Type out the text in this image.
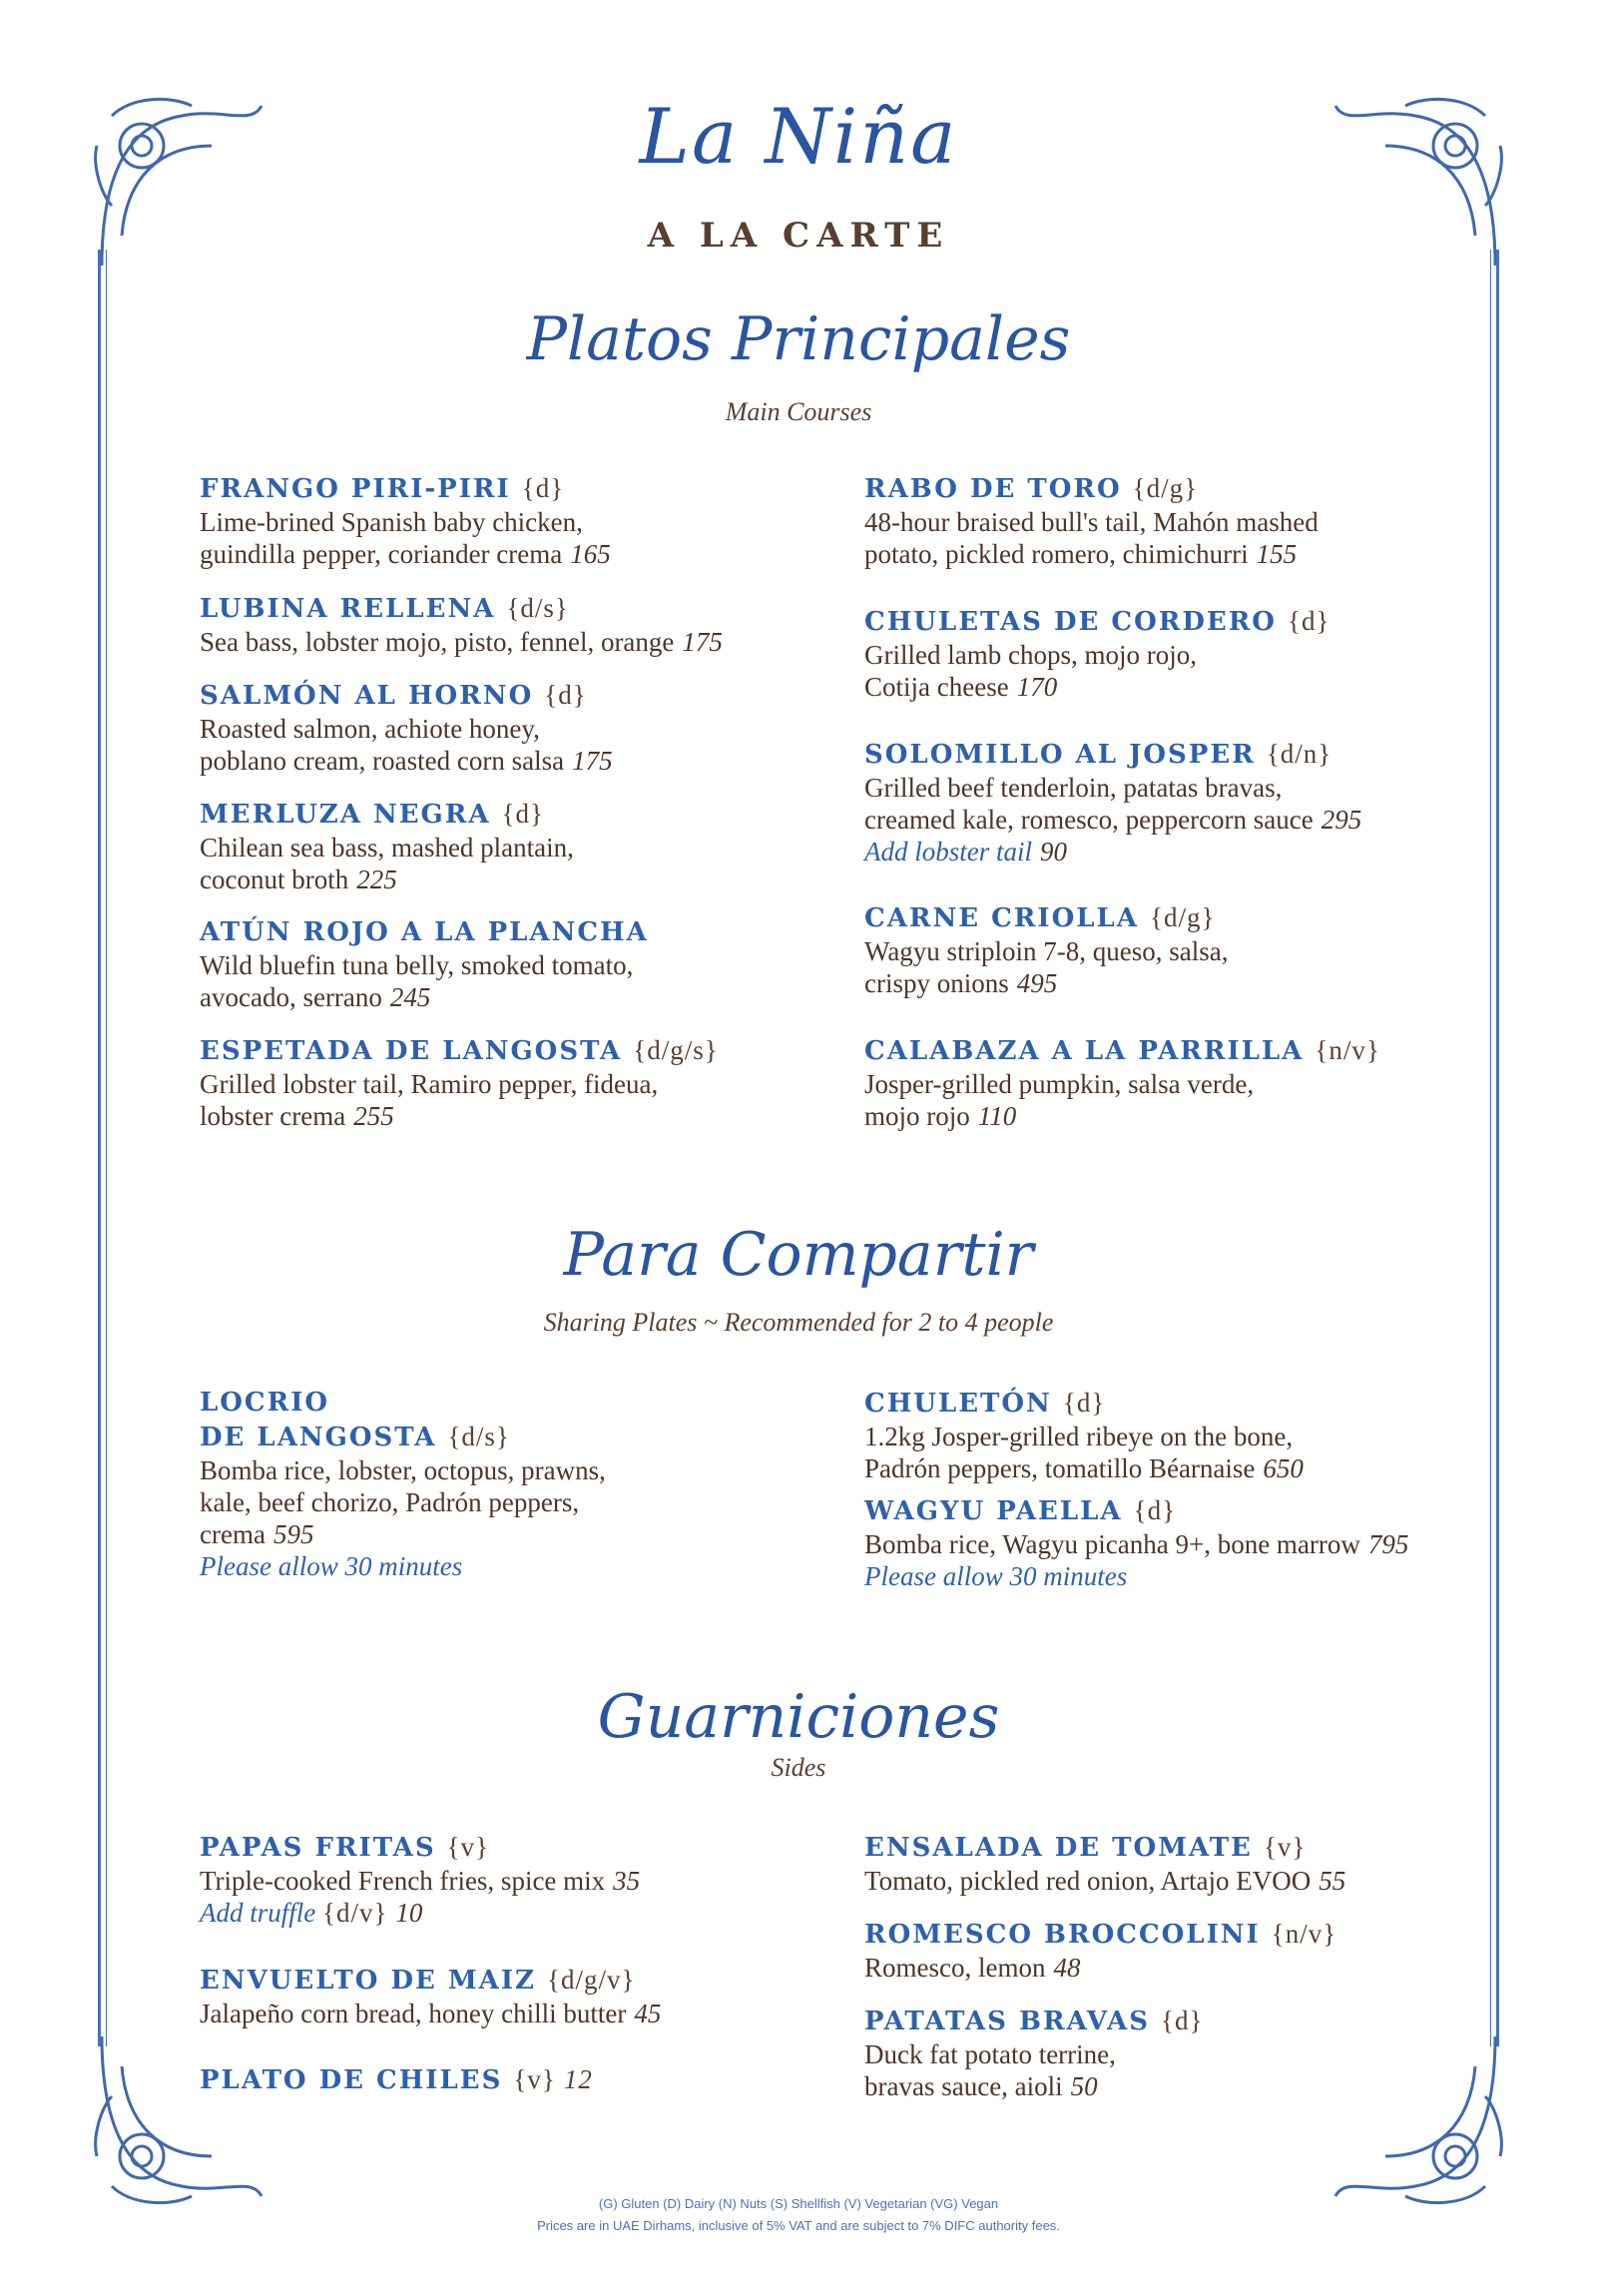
La Niña
A LA CARTE
Platos Principales
Main Courses
FRANGO PIRI-PIRI {d}
Lime-brined Spanish baby chicken,
guindilla pepper, coriander crema 165
LUBINA RELLENA {d/s}
Sea bass, lobster mojo, pisto, fennel, orange 175
SALMÓN AL HORNO {d}
Roasted salmon, achiote honey,
poblano cream, roasted corn salsa 175
MERLUZA NEGRA {d}
Chilean sea bass, mashed plantain,
coconut broth 225
ATÚN ROJO A LA PLANCHA
Wild bluefin tuna belly, smoked tomato,
avocado, serrano 245
ESPETADA DE LANGOSTA {d/g/s}
Grilled lobster tail, Ramiro pepper, fideua,
lobster crema 255
RABO DE TORO {d/g}
48-hour braised bull's tail, Mahón mashed
potato, pickled romero, chimichurri 155
CHULETAS DE CORDERO {d}
Grilled lamb chops, mojo rojo,
Cotija cheese 170
SOLOMILLO AL JOSPER {d/n}
Grilled beef tenderloin, patatas bravas,
creamed kale, romesco, peppercorn sauce 295
Add lobster tail 90
CARNE CRIOLLA {d/g}
Wagyu striploin 7-8, queso, salsa,
crispy onions 495
CALABAZA A LA PARRILLA {n/v}
Josper-grilled pumpkin, salsa verde,
mojo rojo 110
Para Compartir
Sharing Plates ~ Recommended for 2 to 4 people
LOCRIO
DE LANGOSTA {d/s}
Bomba rice, lobster, octopus, prawns,
kale, beef chorizo, Padrón peppers,
crema 595
Please allow 30 minutes
CHULETÓN {d}
1.2kg Josper-grilled ribeye on the bone,
Padrón peppers, tomatillo Béarnaise 650
WAGYU PAELLA {d}
Bomba rice, Wagyu picanha 9+, bone marrow 795
Please allow 30 minutes
Guarniciones
Sides
PAPAS FRITAS {v}
Triple-cooked French fries, spice mix 35
Add truffle {d/v} 10
ENVUELTO DE MAIZ {d/g/v}
Jalapeño corn bread, honey chilli butter 45
PLATO DE CHILES {v} 12
ENSALADA DE TOMATE {v}
Tomato, pickled red onion, Artajo EVOO 55
ROMESCO BROCCOLINI {n/v}
Romesco, lemon 48
PATATAS BRAVAS {d}
Duck fat potato terrine,
bravas sauce, aioli 50
(G) Gluten (D) Dairy (N) Nuts (S) Shellfish (V) Vegetarian (VG) Vegan
Prices are in UAE Dirhams, inclusive of 5% VAT and are subject to 7% DIFC authority fees.
